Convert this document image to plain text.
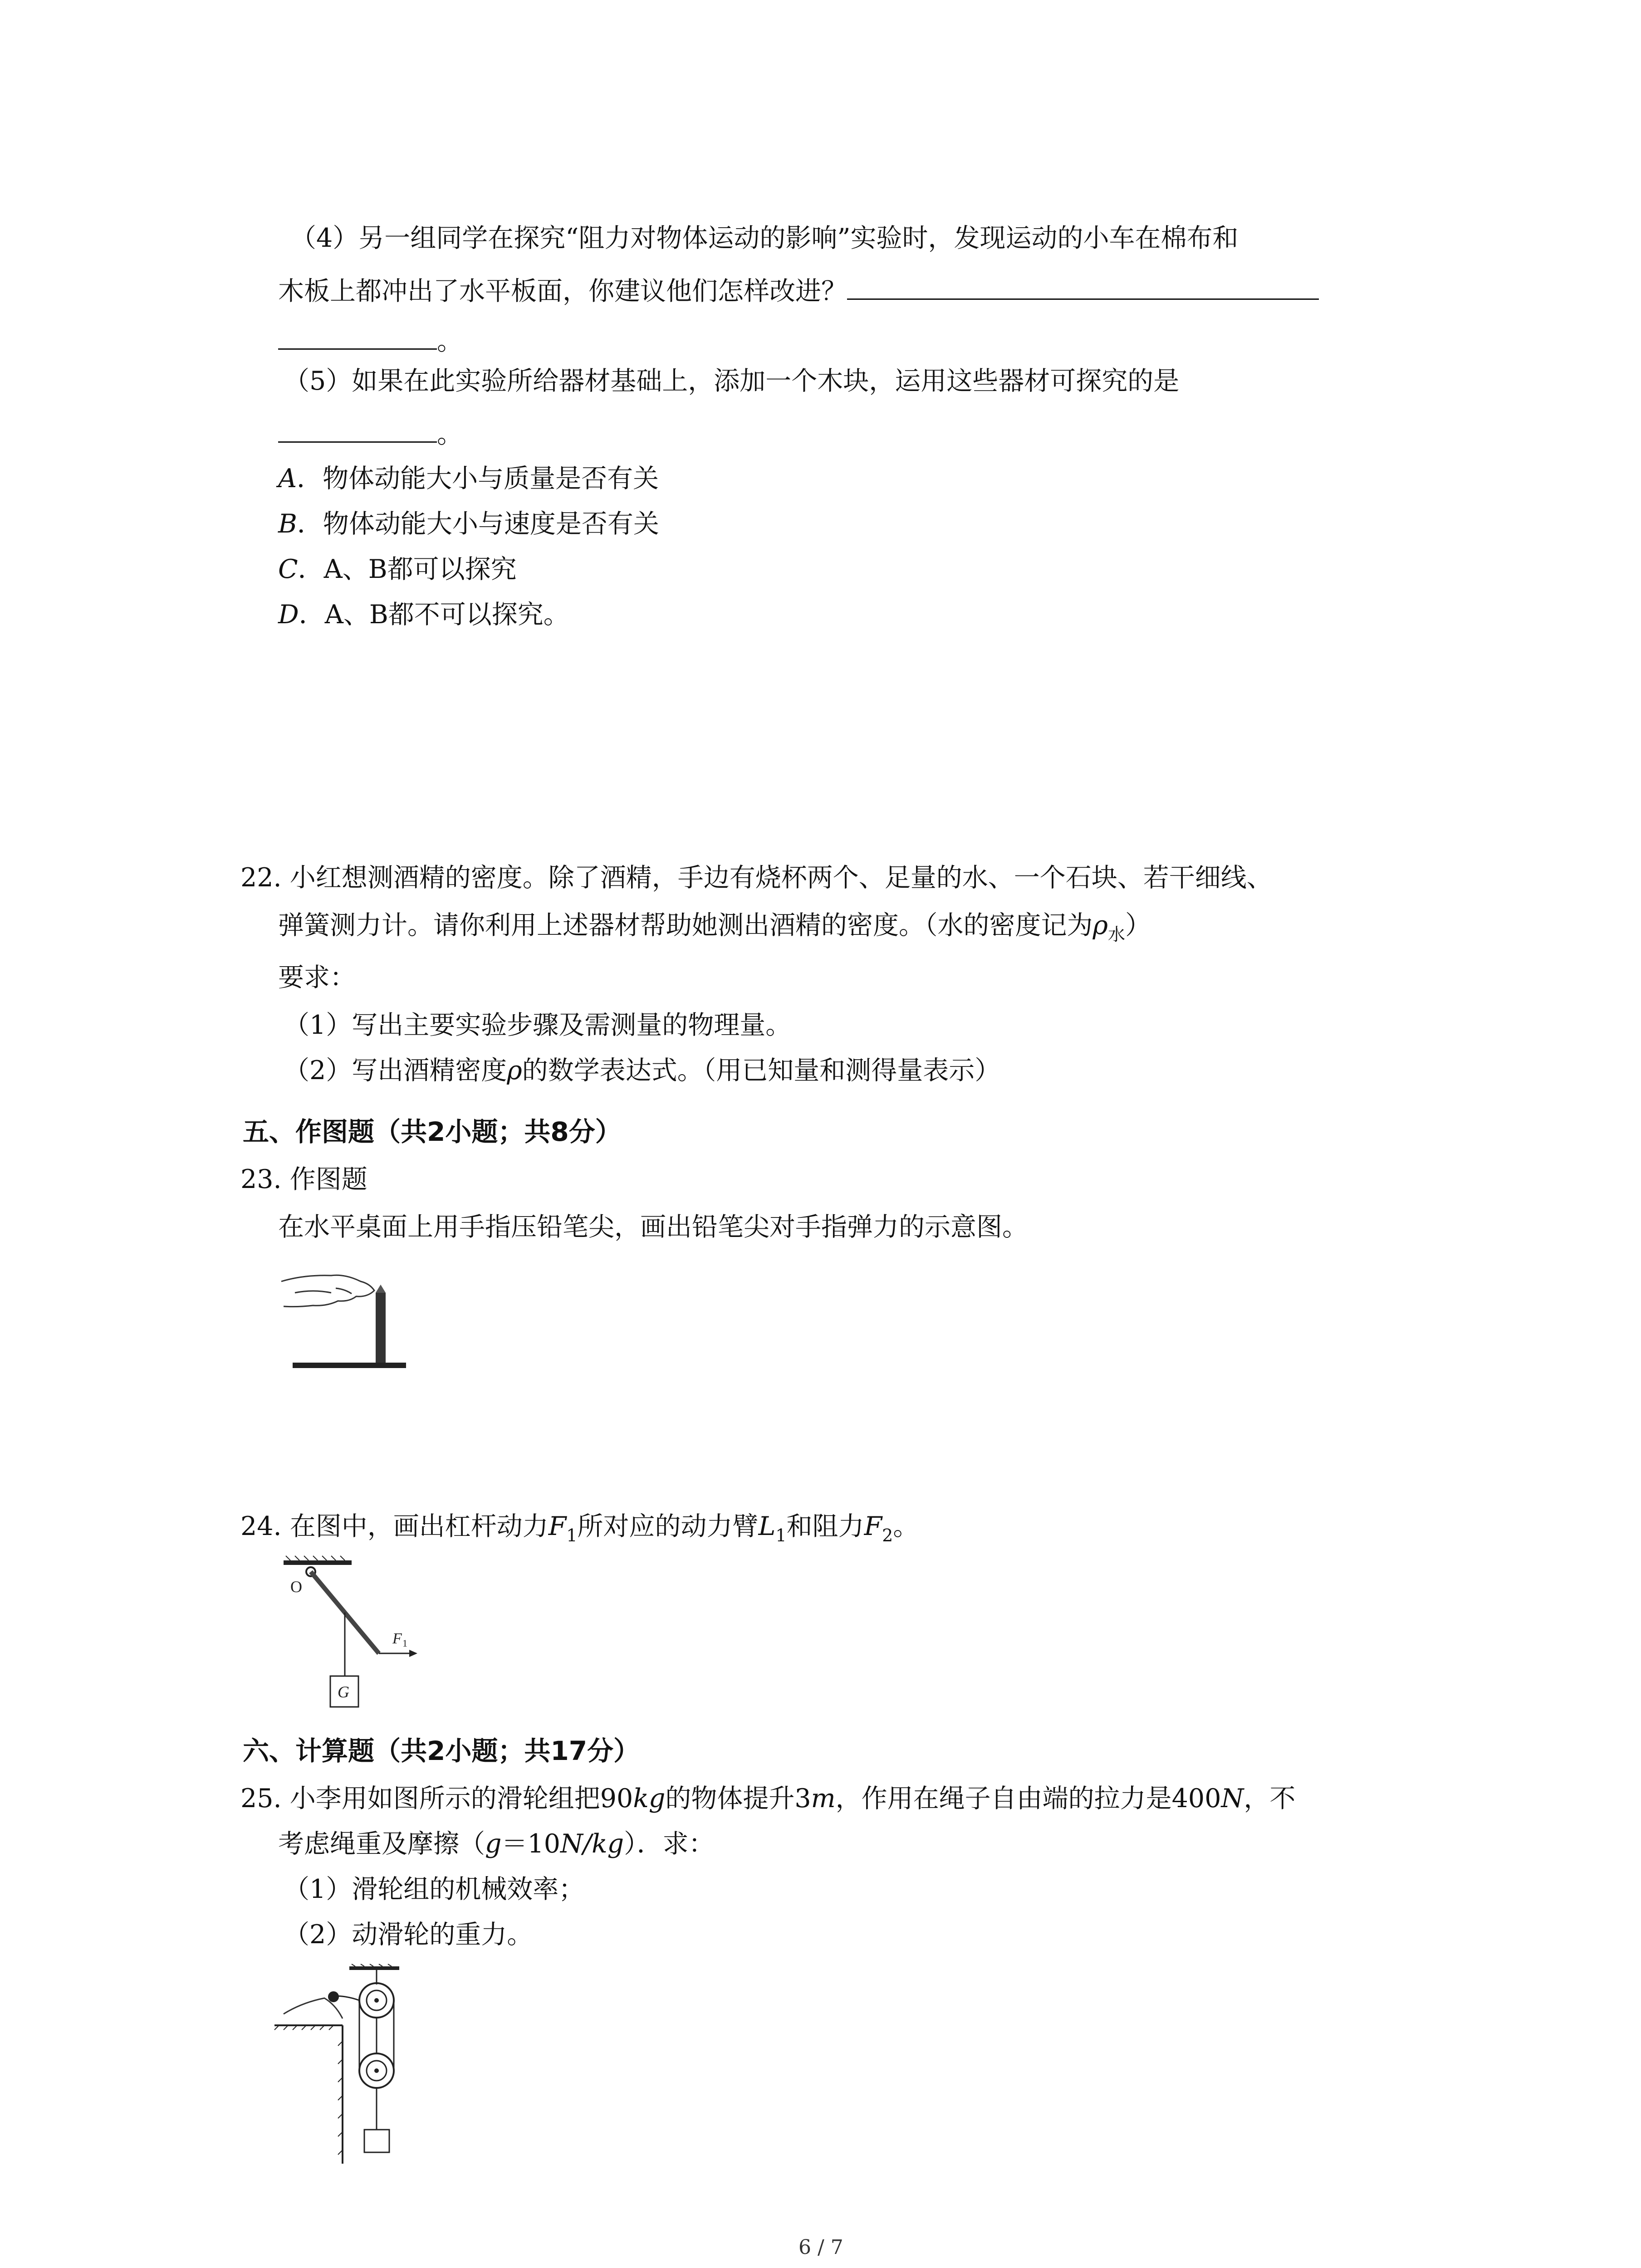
（4）另一组同学在探究“阻力对物体运动的影响”实验时，发现运动的小车在棉布和
木板上都冲出了水平板面，你建议他们怎样改进？
。
（5）如果在此实验所给器材基础上，添加一个木块，运用这些器材可探究的是
。
A．物体动能大小与质量是否有关
B．物体动能大小与速度是否有关
C．A、B都可以探究
D．A、B都不可以探究。
22. 小红想测酒精的密度。除了酒精，手边有烧杯两个、足量的水、一个石块、若干细线、
弹簧测力计。请你利用上述器材帮助她测出酒精的密度。（水的密度记为$\rho_水$）
要求：
（1）写出主要实验步骤及需测量的物理量。
（2）写出酒精密度ρ的数学表达式。（用已知量和测得量表示）
五、作图题（共2小题；共8分）
23. 作图题
在水平桌面上用手指压铅笔尖，画出铅笔尖对手指弹力的示意图。
24. 在图中，画出杠杆动力$F_1$所对应的动力臂$L_1$和阻力$F_2$。
O
F 1
G
六、计算题（共2小题；共17分）
25. 小李用如图所示的滑轮组把90kg的物体提升3m，作用在绳子自由端的拉力是400N，不
考虑绳重及摩擦（g＝10N/kg）．求：
（1）滑轮组的机械效率；
（2）动滑轮的重力。
6 / 7
